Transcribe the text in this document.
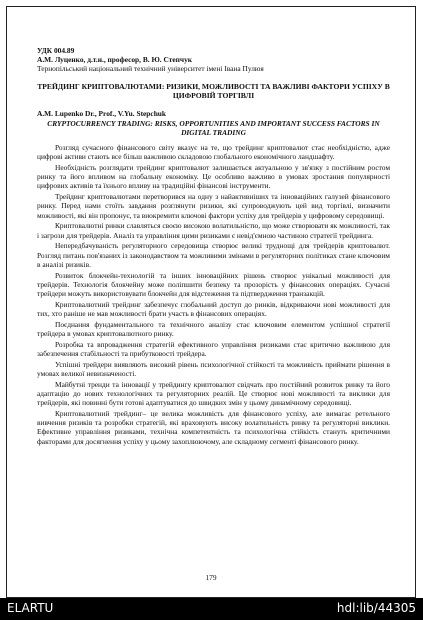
УДК 004.89
А.М. Луценко, д.т.н., професор, В. Ю. Степчук
Тернопільський національний технічний університет імені Івана Пулюя
ТРЕЙДИНГ КРИПТОВАЛЮТАМИ: РИЗИКИ, МОЖЛИВОСТІ ТА ВАЖЛИВІ ФАКТОРИ УСПІХУ В ЦИФРОВІЙ ТОРГІВЛІ
A.M. Lupenko Dr., Prof., V.Yu. Stepchuk
CRYPTOCURRENCY TRADING: RISKS, OPPORTUNITIES AND IMPORTANT SUCCESS FACTORS IN DIGITAL TRADING

Розгляд сучасного фінансового світу вказує на те, що трейдинг криптовалют стає необхідністю, адже цифрові активи стають все більш важливою складовою глобального економічного ландшафту.

Необхідність розглядати трейдинг криптовалют залишається актуальною у зв'язку з постійним ростом ринку та його впливом на глобальну економіку. Це особливо важливо в умовах зростання популярності цифрових активів та їхнього впливу на традиційні фінансові інструменти.

Трейдинг криптовалютами перетворився на одну з найактивніших та інноваційних галузей фінансового ринку. Перед нами стоїть завдання розглянути ризики, які супроводжують цей вид торгівлі, визначити можливості, які він пропонує, та виокремити ключові фактори успіху для трейдерів у цифровому середовищі.

Криптовалютні ринки славляться своєю високою волатильністю, що може створювати як можливості, так і загрози для трейдерів. Аналіз та управління цими ризиками є невід'ємною частиною стратегії трейдинга.

Непередбачуваність регуляторного середовища створює великі труднощі для трейдерів криптовалют. Розгляд питань пов'язаних із законодавством та можливими змінами в регуляторних політиках стане ключовим в аналізі ризиків.

Розвиток блокчейн-технологій та інших інноваційних рішень створює унікальні можливості для трейдерів. Технологія блокчейну може поліпшити безпеку та прозорість у фінансових операціях. Сучасні трейдери можуть використовувати блокчейн для відстеження та підтвердження транзакцій.

Криптовалютний трейдинг забезпечує глобальний доступ до ринків, відкриваючи нові можливості для тих, хто раніше не мав можливості брати участь в фінансових операціях.

Поєднання фундаментального та технічного аналізу стає ключовим елементом успішної стратегії трейдера в умовах криптовалютного ринку.

Розробка та впровадження стратегій ефективного управління ризиками стає критично важливою для забезпечення стабільності та прибутковості трейдера.

Успішні трейдери виявляють високий рівень психологічної стійкості та можливість приймати рішення в умовах великої невизначеності.

Майбутні тренди та інновації у трейдингу криптовалют свідчать про постійний розвиток ринку та його адаптацію до нових технологічних та регуляторних реалій. Це створює нові можливості та виклики для трейдерів, які повинні бути готові адаптуватися до швидких змін у цьому динамічному середовищі.

Криптовалютний трейдинг– це велика можливість для фінансового успіху, але вимагає ретельного вивчення ризиків та розробки стратегій, які враховують високу волатильність ринку та регуляторні виклики. Ефективне управління ризиками, технічна компетентність та психологічна стійкість стануть критичними факторами для досягнення успіху у цьому захоплюючому, але складному сегменті фінансового ринку.

179
ELARTU	hdl:lib/44305
